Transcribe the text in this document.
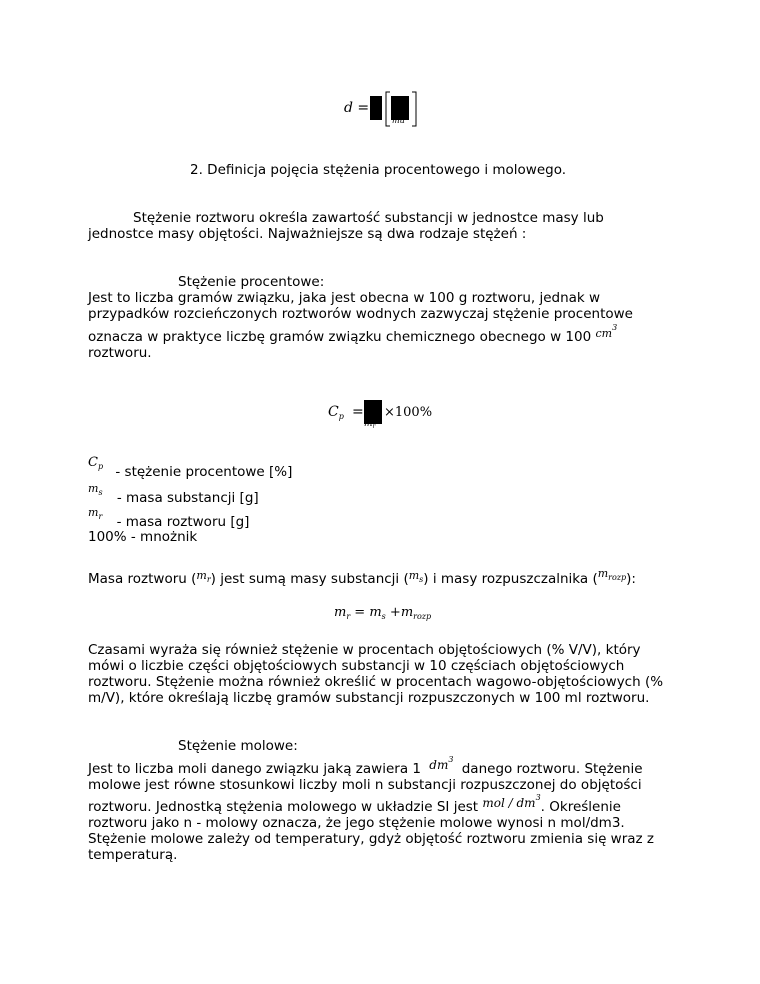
d =
mu
2. Definicja pojęcia stężenia procentowego i molowego.
Stężenie roztworu określa zawartość substancji w jednostce masy lub
jednostce masy objętości. Najważniejsze są dwa rodzaje stężeń :
Stężenie procentowe:
Jest to liczba gramów związku, jaka jest obecna w 100 g roztworu, jednak w
przypadków rozcieńczonych roztworów wodnych zazwyczaj stężenie procentowe
oznacza w praktyce liczbę gramów związku chemicznego obecnego w 100 $^{cm^3}$
roztworu.
$C_p$ =
$m_r$
×100%
$C_p$ - stężenie procentowe [%]
$^{m_s}$ - masa substancji [g]
$^{m_r}$ - masa roztworu [g]
100% - mnożnik
Masa roztworu ($^{m_r}$) jest sumą masy substancji ($^{m_s}$) i masy rozpuszczalnika ($^{m_{rozp}}$):
$m_r = m_s +m_{rozp}$
Czasami wyraża się również stężenie w procentach objętościowych (% V/V), który
mówi o liczbie części objętościowych substancji w 10 częściach objętościowych
roztworu. Stężenie można również określić w procentach wagowo-objętościowych (%
m/V), które określają liczbę gramów substancji rozpuszczonych w 100 ml roztworu.
Stężenie molowe:
Jest to liczba moli danego związku jaką zawiera 1 $dm^3$ danego roztworu. Stężenie
molowe jest równe stosunkowi liczby moli n substancji rozpuszczonej do objętości
roztworu. Jednostką stężenia molowego w układzie SI jest mol / $dm^3$. Określenie
roztworu jako n - molowy oznacza, że jego stężenie molowe wynosi n mol/dm3.
Stężenie molowe zależy od temperatury, gdyż objętość roztworu zmienia się wraz z
temperaturą.
